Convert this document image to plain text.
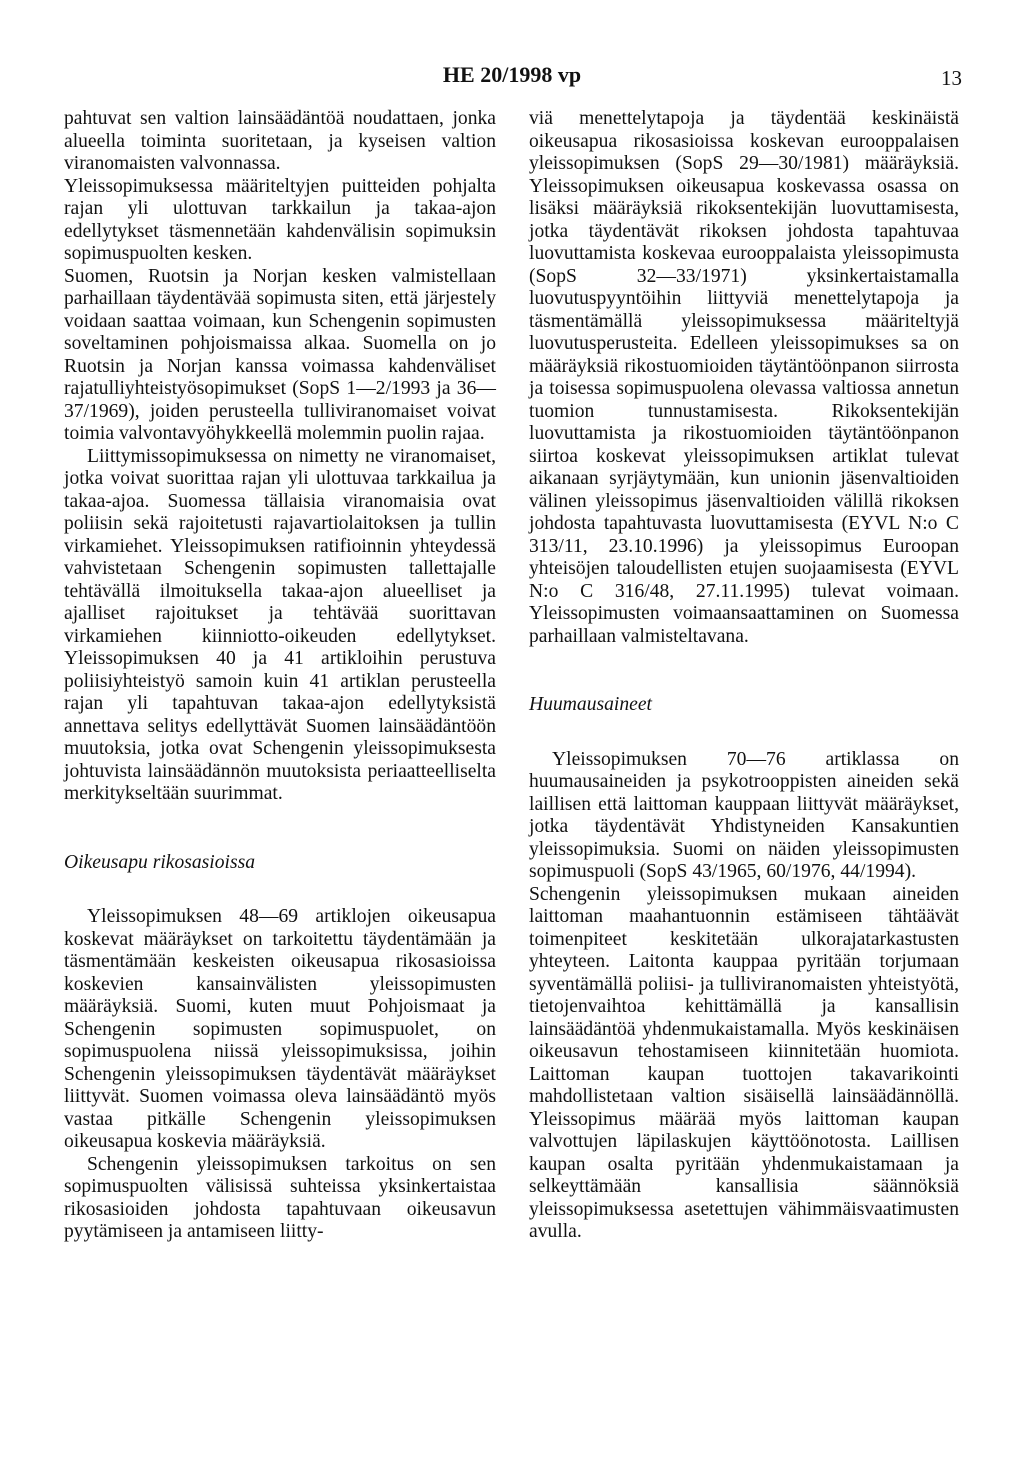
HE 20/1998 vp	13

pahtuvat sen valtion lainsäädäntöä noudattaen, jonka alueella toiminta suoritetaan, ja kyseisen valtion viranomaisten valvonnassa.

Yleissopimuksessa määriteltyjen puitteiden pohjalta rajan yli ulottuvan tarkkailun ja takaa-ajon edellytykset täsmennetään kahdenvälisin sopimuksin sopimuspuolten kesken.

Suomen, Ruotsin ja Norjan kesken valmistellaan parhaillaan täydentävää sopimusta siten, että järjestely voidaan saattaa voimaan, kun Schengenin sopimusten soveltaminen pohjoismaissa alkaa. Suomella on jo Ruotsin ja Norjan kanssa voimassa kahdenväliset rajatulliyhteistyösopimukset (SopS 1—2/1993 ja 36—37/1969), joiden perusteella tulliviranomaiset voivat toimia valvontavyöhykkeellä molemmin puolin rajaa.

Liittymissopimuksessa on nimetty ne viranomaiset, jotka voivat suorittaa rajan yli ulottuvaa tarkkailua ja takaa-ajoa. Suomessa tällaisia viranomaisia ovat poliisin sekä rajoitetusti rajavartiolaitoksen ja tullin virkamiehet. Yleissopimuksen ratifioinnin yhteydessä vahvistetaan Schengenin sopimusten tallettajalle tehtävällä ilmoituksella takaa-ajon alueelliset ja ajalliset rajoitukset ja tehtävää suorittavan virkamiehen kiinniotto-oikeuden edellytykset. Yleissopimuksen 40 ja 41 artikloihin perustuva poliisiyhteistyö samoin kuin 41 artiklan perusteella rajan yli tapahtuvan takaa-ajon edellytyksistä annettava selitys edellyttävät Suomen lainsäädäntöön muutoksia, jotka ovat Schengenin yleissopimuksesta johtuvista lainsäädännön muutoksista periaatteelliselta merkitykseltään suurimmat.

Oikeusapu rikosasioissa

Yleissopimuksen 48—69 artiklojen oikeusapua koskevat määräykset on tarkoitettu täydentämään ja täsmentämään keskeisten oikeusapua rikosasioissa koskevien kansainvälisten yleissopimusten määräyksiä. Suomi, kuten muut Pohjoismaat ja Schengenin sopimusten sopimuspuolet, on sopimuspuolena niissä yleissopimuksissa, joihin Schengenin yleissopimuksen täydentävät määräykset liittyvät. Suomen voimassa oleva lainsäädäntö myös vastaa pitkälle Schengenin yleissopimuksen oikeusapua koskevia määräyksiä.

Schengenin yleissopimuksen tarkoitus on sen sopimuspuolten välisissä suhteissa yksinkertaistaa rikosasioiden johdosta tapahtuvaan oikeusavun pyytämiseen ja antamiseen liitty-

viä menettelytapoja ja täydentää keskinäistä oikeusapua rikosasioissa koskevan eurooppalaisen yleissopimuksen (SopS 29—30/1981) määräyksiä. Yleissopimuksen oikeusapua koskevassa osassa on lisäksi määräyksiä rikoksentekijän luovuttamisesta, jotka täydentävät rikoksen johdosta tapahtuvaa luovuttamista koskevaa eurooppalaista yleissopimusta (SopS 32—33/1971) yksinkertaistamalla luovutuspyyntöihin liittyviä menettelytapoja ja täsmentämällä yleissopimuksessa määriteltyjä luovutusperusteita. Edelleen yleissopimukses sa on määräyksiä rikostuomioiden täytäntöönpanon siirrosta ja toisessa sopimuspuolena olevassa valtiossa annetun tuomion tunnustamisesta. Rikoksentekijän luovuttamista ja rikostuomioiden täytäntöönpanon siirtoa koskevat yleissopimuksen artiklat tulevat aikanaan syrjäytymään, kun unionin jäsenvaltioiden välinen yleissopimus jäsenvaltioiden välillä rikoksen johdosta tapahtuvasta luovuttamisesta (EYVL N:o C 313/11, 23.10.1996) ja yleissopimus Euroopan yhteisöjen taloudellisten etujen suojaamisesta (EYVL N:o C 316/48, 27.11.1995) tulevat voimaan. Yleissopimusten voimaansaattaminen on Suomessa parhaillaan valmisteltavana.

Huumausaineet

Yleissopimuksen 70—76 artiklassa on huumausaineiden ja psykotrooppisten aineiden sekä laillisen että laittoman kauppaan liittyvät määräykset, jotka täydentävät Yhdistyneiden Kansakuntien yleissopimuksia. Suomi on näiden yleissopimusten sopimuspuoli (SopS 43/1965, 60/1976, 44/1994).

Schengenin yleissopimuksen mukaan aineiden laittoman maahantuonnin estämiseen tähtäävät toimenpiteet keskitetään ulkorajatarkastusten yhteyteen. Laitonta kauppaa pyritään torjumaan syventämällä poliisi- ja tulliviranomaisten yhteistyötä, tietojenvaihtoa kehittämällä ja kansallisin lainsäädäntöä yhdenmukaistamalla. Myös keskinäisen oikeusavun tehostamiseen kiinnitetään huomiota. Laittoman kaupan tuottojen takavarikointi mahdollistetaan valtion sisäisellä lainsäädännöllä. Yleissopimus määrää myös laittoman kaupan valvottujen läpilaskujen käyttöönotosta. Laillisen kaupan osalta pyritään yhdenmukaistamaan ja selkeyttämään kansallisia säännöksiä yleissopimuksessa asetettujen vähimmäisvaatimusten avulla.
